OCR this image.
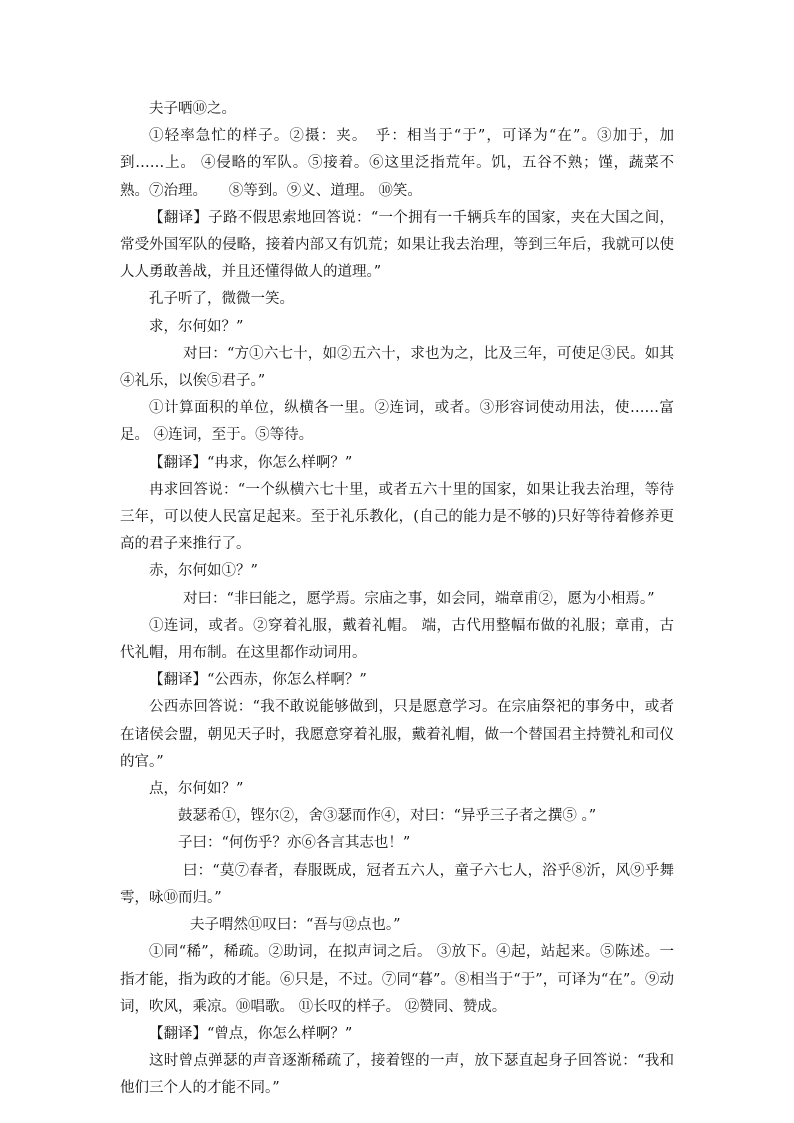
夫子哂⑩之。

①轻率急忙的样子。②摄：夹。　乎：相当于“于”，可译为“在”。③加于，加到……上。 ④侵略的军队。⑤接着。⑥这里泛指荒年。饥，五谷不熟；馑，蔬菜不熟。⑦治理。　　⑧等到。⑨义、道理。 ⑩笑。

【翻译】子路不假思索地回答说：“一个拥有一千辆兵车的国家，夹在大国之间，常受外国军队的侵略，接着内部又有饥荒；如果让我去治理，等到三年后，我就可以使人人勇敢善战，并且还懂得做人的道理。”

孔子听了，微微一笑。

求，尔何如？”

对曰：“方①六七十，如②五六十，求也为之，比及三年，可使足③民。如其④礼乐，以俟⑤君子。”

①计算面积的单位，纵横各一里。②连词，或者。③形容词使动用法，使……富足。 ④连词，至于。⑤等待。

【翻译】“冉求，你怎么样啊？”

冉求回答说：“一个纵横六七十里，或者五六十里的国家，如果让我去治理，等待三年，可以使人民富足起来。至于礼乐教化，(自己的能力是不够的)只好等待着修养更高的君子来推行了。

赤，尔何如①？”

对曰：“非曰能之，愿学焉。宗庙之事，如会同，端章甫②，愿为小相焉。”

①连词，或者。②穿着礼服，戴着礼帽。 端，古代用整幅布做的礼服；章甫，古代礼帽，用布制。在这里都作动词用。

【翻译】“公西赤，你怎么样啊？”

公西赤回答说：“我不敢说能够做到，只是愿意学习。在宗庙祭祀的事务中，或者在诸侯会盟，朝见天子时，我愿意穿着礼服，戴着礼帽，做一个替国君主持赞礼和司仪的官。”

点，尔何如？”

鼓瑟希①，铿尔②，舍③瑟而作④，对曰：“异乎三子者之撰⑤ 。”

子曰：“何伤乎？亦⑥各言其志也！”

曰：“莫⑦春者，春服既成，冠者五六人，童子六七人，浴乎⑧沂，风⑨乎舞雩，咏⑩而归。”

夫子喟然⑪叹曰：“吾与⑫点也。”

①同“稀”，稀疏。②助词，在拟声词之后。 ③放下。④起，站起来。⑤陈述。一指才能，指为政的才能。⑥只是，不过。⑦同“暮”。⑧相当于“于”，可译为“在”。⑨动词，吹风，乘凉。⑩唱歌。 ⑪长叹的样子。 ⑫赞同、赞成。

【翻译】“曾点，你怎么样啊？”

这时曾点弹瑟的声音逐渐稀疏了，接着铿的一声，放下瑟直起身子回答说：“我和他们三个人的才能不同。”
